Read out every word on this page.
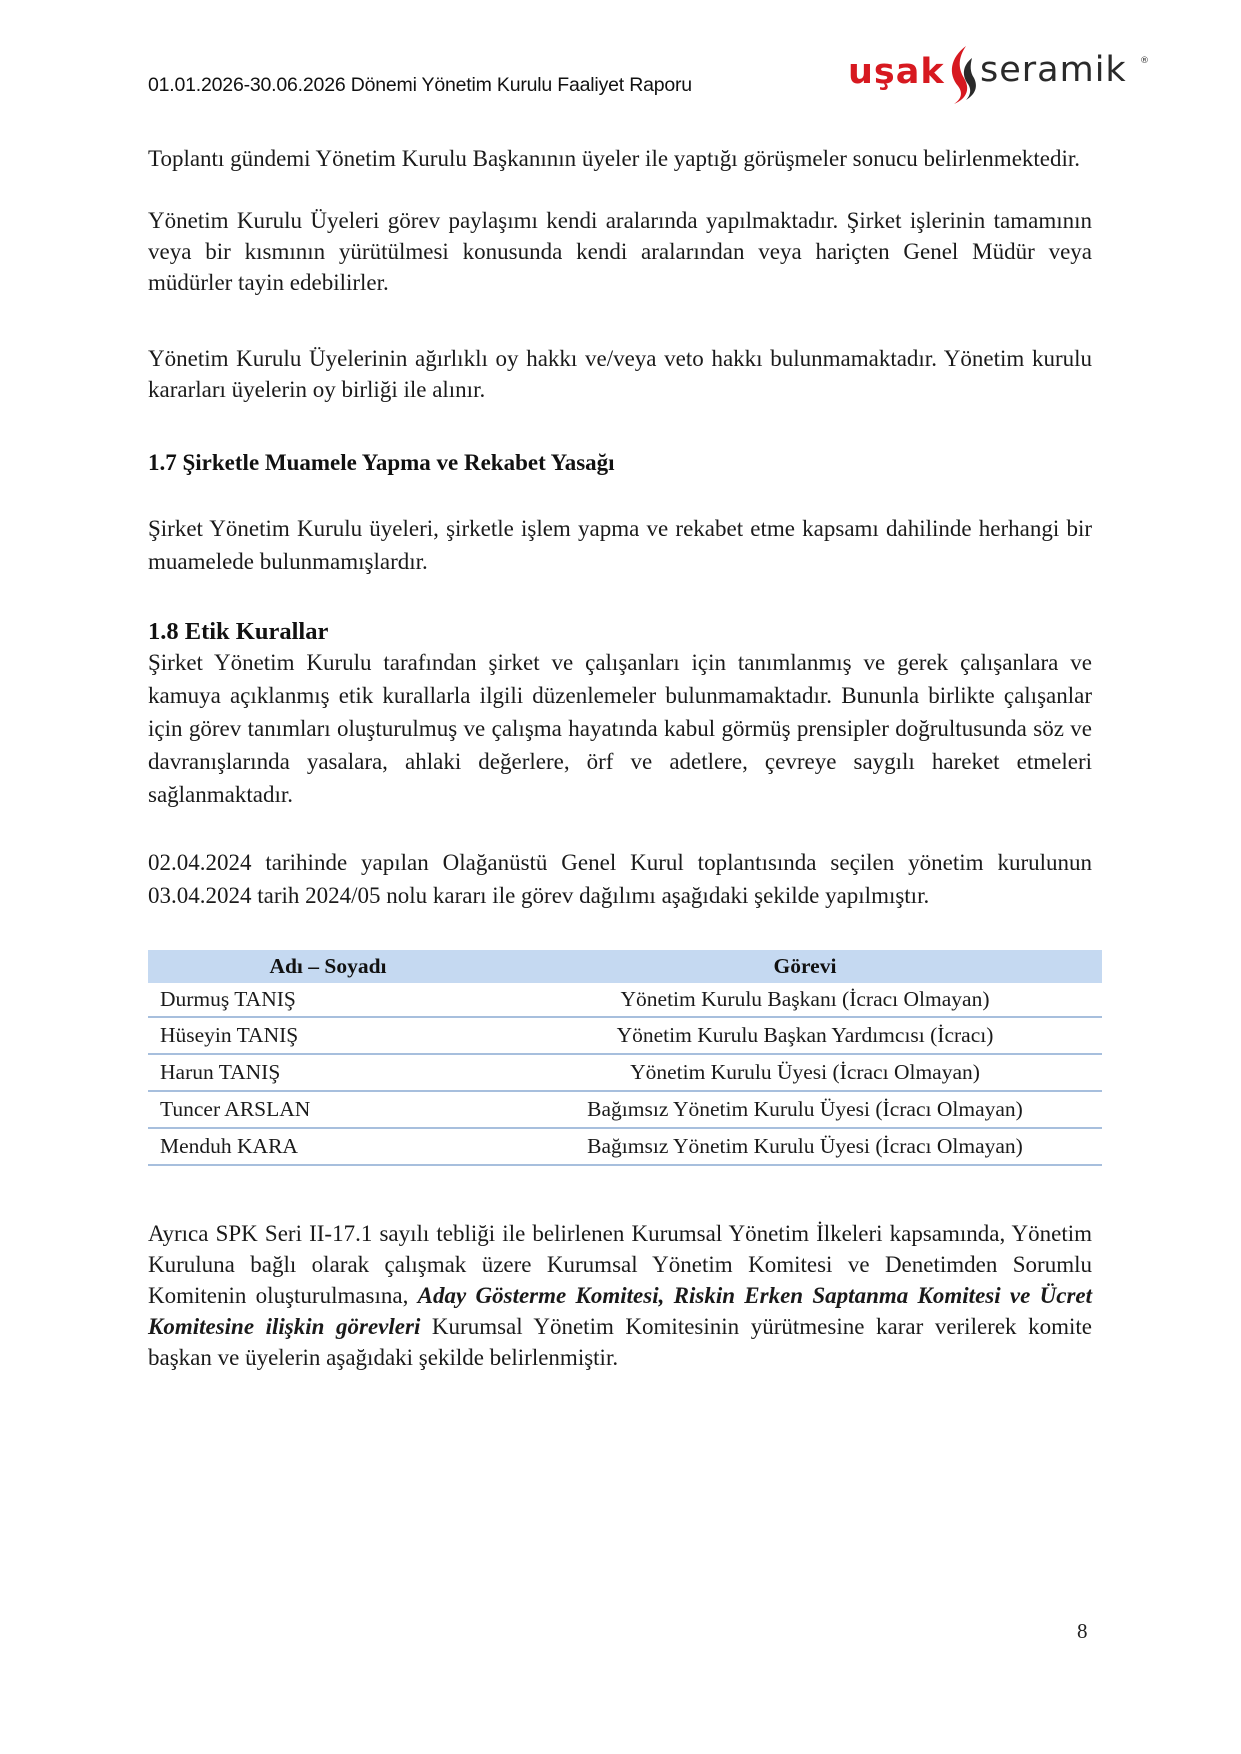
01.01.2026-30.06.2026 Dönemi Yönetim Kurulu Faaliyet Raporu	uşak seramik ®
Toplantı gündemi Yönetim Kurulu Başkanının üyeler ile yaptığı görüşmeler sonucu belirlenmektedir.
Yönetim Kurulu Üyeleri görev paylaşımı kendi aralarında yapılmaktadır. Şirket işlerinin tamamının veya bir kısmının yürütülmesi konusunda kendi aralarından veya hariçten Genel Müdür veya müdürler tayin edebilirler.
Yönetim Kurulu Üyelerinin ağırlıklı oy hakkı ve/veya veto hakkı bulunmamaktadır. Yönetim kurulu kararları üyelerin oy birliği ile alınır.
1.7 Şirketle Muamele Yapma ve Rekabet Yasağı
Şirket Yönetim Kurulu üyeleri, şirketle işlem yapma ve rekabet etme kapsamı dahilinde herhangi bir muamelede bulunmamışlardır.
1.8 Etik Kurallar
Şirket Yönetim Kurulu tarafından şirket ve çalışanları için tanımlanmış ve gerek çalışanlara ve kamuya açıklanmış etik kurallarla ilgili düzenlemeler bulunmamaktadır. Bununla birlikte çalışanlar için görev tanımları oluşturulmuş ve çalışma hayatında kabul görmüş prensipler doğrultusunda söz ve davranışlarında yasalara, ahlaki değerlere, örf ve adetlere, çevreye saygılı hareket etmeleri sağlanmaktadır.
02.04.2024 tarihinde yapılan Olağanüstü Genel Kurul toplantısında seçilen yönetim kurulunun 03.04.2024 tarih 2024/05 nolu kararı ile görev dağılımı aşağıdaki şekilde yapılmıştır.
Adı – Soyadı	Görevi
Durmuş TANIŞ	Yönetim Kurulu Başkanı (İcracı Olmayan)
Hüseyin TANIŞ	Yönetim Kurulu Başkan Yardımcısı (İcracı)
Harun TANIŞ	Yönetim Kurulu Üyesi (İcracı Olmayan)
Tuncer ARSLAN	Bağımsız Yönetim Kurulu Üyesi (İcracı Olmayan)
Menduh KARA	Bağımsız Yönetim Kurulu Üyesi (İcracı Olmayan)
Ayrıca SPK Seri II-17.1 sayılı tebliği ile belirlenen Kurumsal Yönetim İlkeleri kapsamında, Yönetim Kuruluna bağlı olarak çalışmak üzere Kurumsal Yönetim Komitesi ve Denetimden Sorumlu Komitenin oluşturulmasına, Aday Gösterme Komitesi, Riskin Erken Saptanma Komitesi ve Ücret Komitesine ilişkin görevleri Kurumsal Yönetim Komitesinin yürütmesine karar verilerek komite başkan ve üyelerin aşağıdaki şekilde belirlenmiştir.
8
